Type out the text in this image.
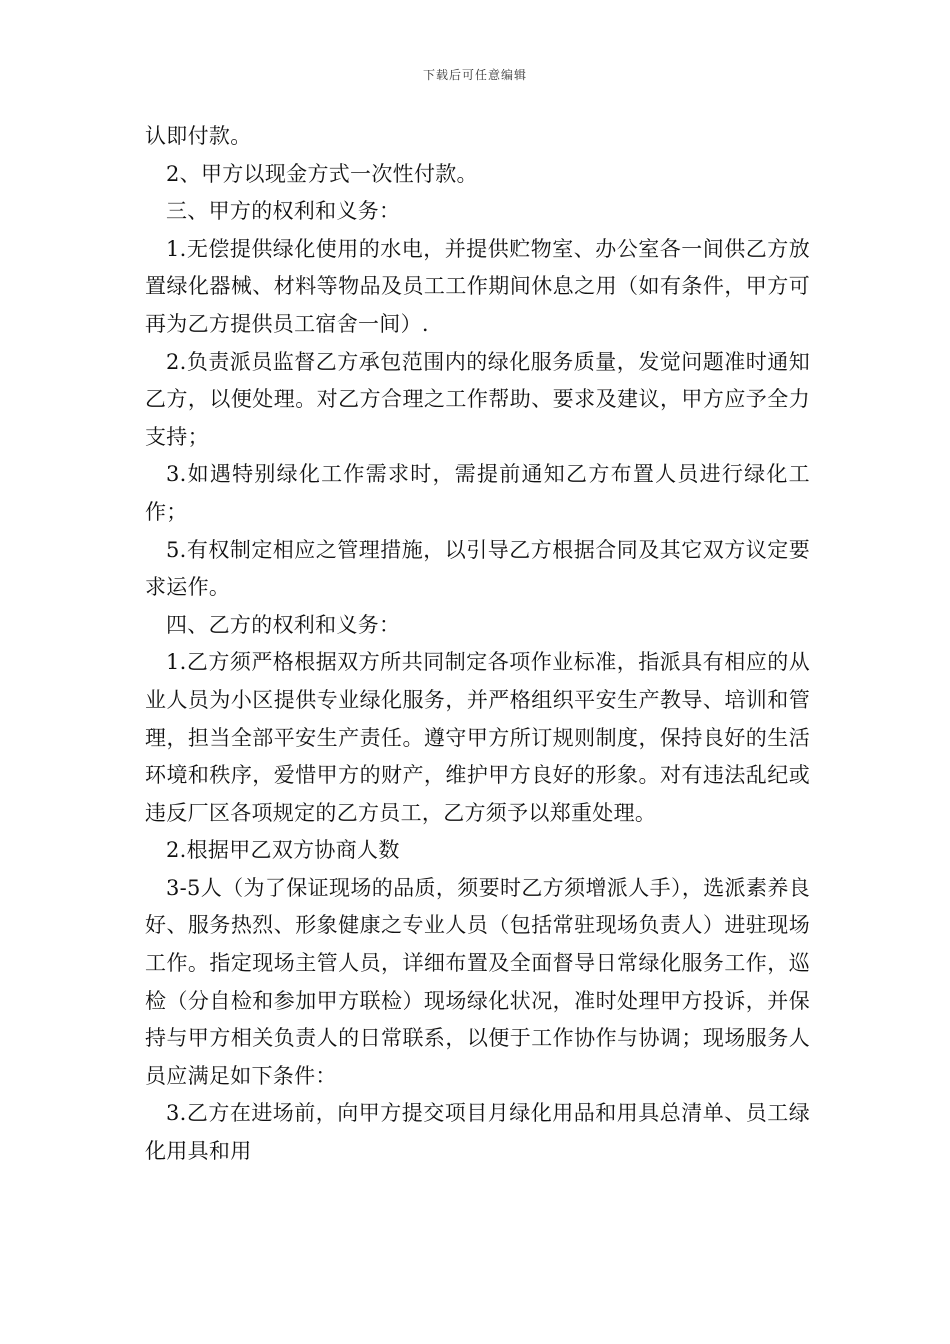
下载后可任意编辑

认即付款。

2、甲方以现金方式一次性付款。

三、甲方的权利和义务：

1.无偿提供绿化使用的水电，并提供贮物室、办公室各一间供乙方放置绿化器械、材料等物品及员工工作期间休息之用（如有条件，甲方可再为乙方提供员工宿舍一间）.

2.负责派员监督乙方承包范围内的绿化服务质量，发觉问题准时通知乙方，以便处理。对乙方合理之工作帮助、要求及建议，甲方应予全力支持；

3.如遇特别绿化工作需求时，需提前通知乙方布置人员进行绿化工作；

5.有权制定相应之管理措施，以引导乙方根据合同及其它双方议定要求运作。

四、乙方的权利和义务：

1.乙方须严格根据双方所共同制定各项作业标准，指派具有相应的从业人员为小区提供专业绿化服务，并严格组织平安生产教导、培训和管理，担当全部平安生产责任。遵守甲方所订规则制度，保持良好的生活环境和秩序，爱惜甲方的财产，维护甲方良好的形象。对有违法乱纪或违反厂区各项规定的乙方员工，乙方须予以郑重处理。

2.根据甲乙双方协商人数

3-5人（为了保证现场的品质，须要时乙方须增派人手），选派素养良好、服务热烈、形象健康之专业人员（包括常驻现场负责人）进驻现场工作。指定现场主管人员，详细布置及全面督导日常绿化服务工作，巡检（分自检和参加甲方联检）现场绿化状况，准时处理甲方投诉，并保持与甲方相关负责人的日常联系，以便于工作协作与协调；现场服务人员应满足如下条件：

3.乙方在进场前，向甲方提交项目月绿化用品和用具总清单、员工绿化用具和用
